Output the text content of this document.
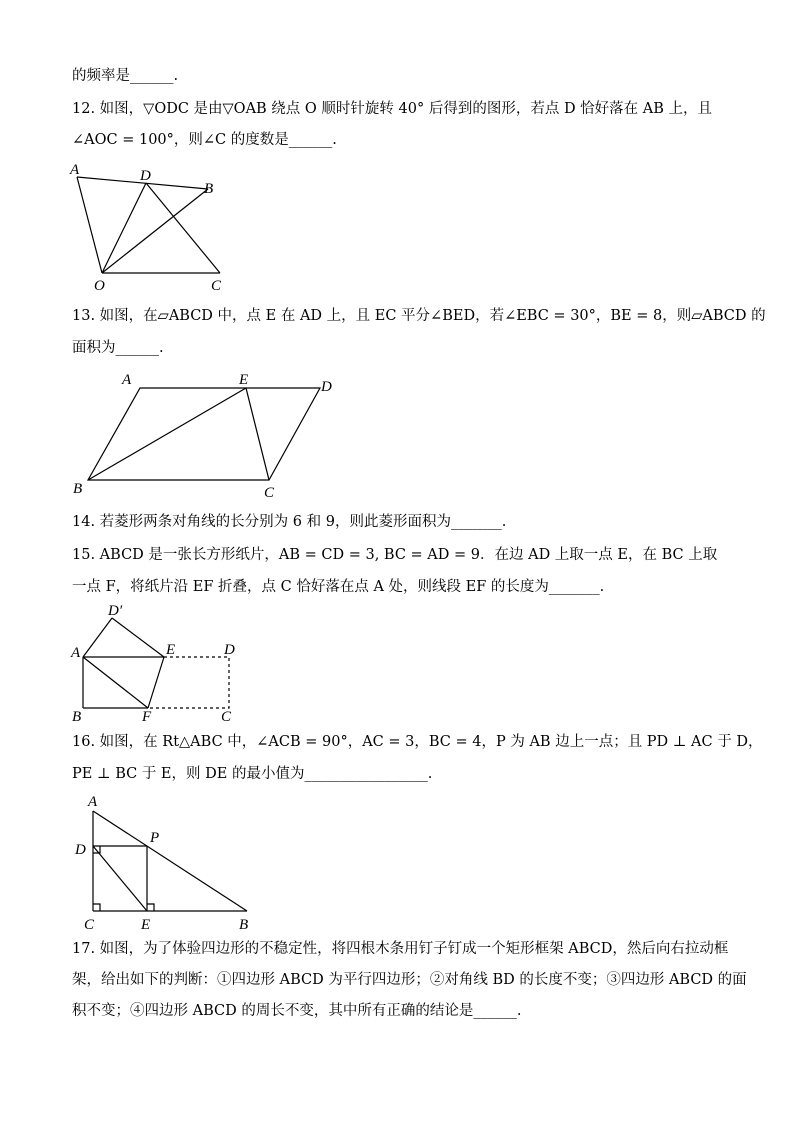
的频率是______.
12. 如图，▽ODC 是由▽OAB 绕点 O 顺时针旋转 40° 后得到的图形，若点 D 恰好落在 AB 上，且
∠AOC = 100°，则∠C 的度数是______.
A	D
B
O	C
13. 如图，在▱ABCD 中，点 E 在 AD 上，且 EC 平分∠BED，若∠EBC = 30°，BE = 8，则▱ABCD 的
面积为______.
A	E	D
B	C
14. 若菱形两条对角线的长分别为 6 和 9，则此菱形面积为_______.
15. ABCD 是一张长方形纸片，AB = CD = 3, BC = AD = 9．在边 AD 上取一点 E，在 BC 上取
一点 F，将纸片沿 EF 折叠，点 C 恰好落在点 A 处，则线段 EF 的长度为_______.
D′
A	E	D
B	F	C
16. 如图，在 Rt△ABC 中，∠ACB = 90°，AC = 3，BC = 4，P 为 AB 边上一点；且 PD ⊥ AC 于 D，
PE ⊥ BC 于 E，则 DE 的最小值为_________________.
A
P
D
C	E	B
17. 如图，为了体验四边形的不稳定性，将四根木条用钉子钉成一个矩形框架 ABCD，然后向右拉动框
架，给出如下的判断：①四边形 ABCD 为平行四边形；②对角线 BD 的长度不变；③四边形 ABCD 的面
积不变；④四边形 ABCD 的周长不变，其中所有正确的结论是______.
